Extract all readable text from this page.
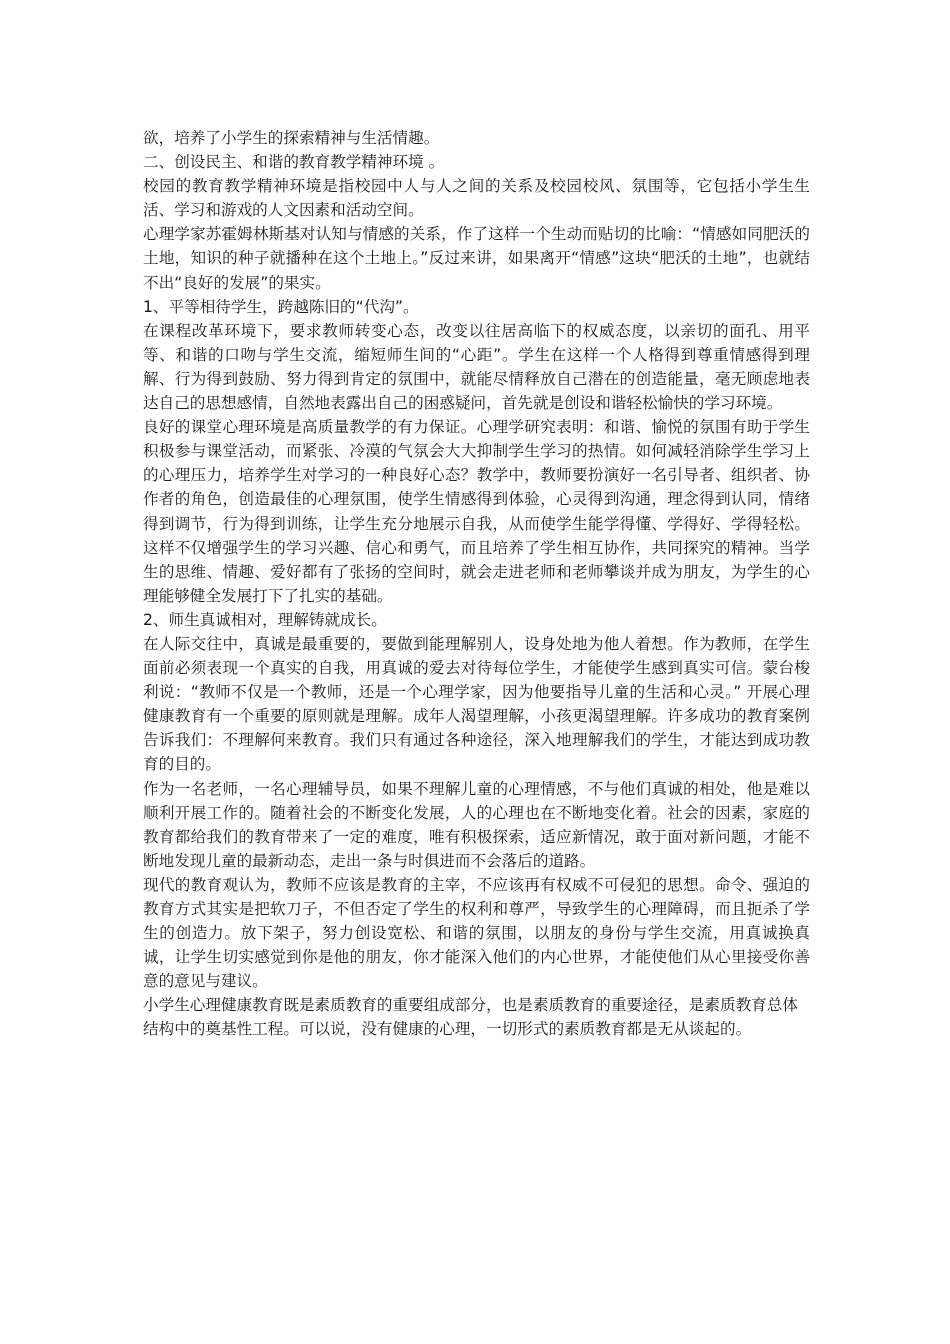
欲，培养了小学生的探索精神与生活情趣。

二、创设民主、和谐的教育教学精神环境 。

校园的教育教学精神环境是指校园中人与人之间的关系及校园校风、氛围等，它包括小学生生活、学习和游戏的人文因素和活动空间。

心理学家苏霍姆林斯基对认知与情感的关系，作了这样一个生动而贴切的比喻：“情感如同肥沃的土地，知识的种子就播种在这个土地上。”反过来讲，如果离开“情感”这块“肥沃的土地”，也就结不出“良好的发展”的果实。

1、平等相待学生，跨越陈旧的“代沟”。

在课程改革环境下，要求教师转变心态，改变以往居高临下的权威态度，以亲切的面孔、用平等、和谐的口吻与学生交流，缩短师生间的“心距”。学生在这样一个人格得到尊重情感得到理解、行为得到鼓励、努力得到肯定的氛围中，就能尽情释放自己潜在的创造能量，毫无顾虑地表达自己的思想感情，自然地表露出自己的困惑疑问，首先就是创设和谐轻松愉快的学习环境。

良好的课堂心理环境是高质量教学的有力保证。心理学研究表明：和谐、愉悦的氛围有助于学生积极参与课堂活动，而紧张、冷漠的气氛会大大抑制学生学习的热情。如何减轻消除学生学习上的心理压力，培养学生对学习的一种良好心态？教学中，教师要扮演好一名引导者、组织者、协作者的角色，创造最佳的心理氛围，使学生情感得到体验，心灵得到沟通，理念得到认同，情绪得到调节，行为得到训练，让学生充分地展示自我，从而使学生能学得懂、学得好、学得轻松。这样不仅增强学生的学习兴趣、信心和勇气，而且培养了学生相互协作，共同探究的精神。当学生的思维、情趣、爱好都有了张扬的空间时，就会走进老师和老师攀谈并成为朋友，为学生的心理能够健全发展打下了扎实的基础。

2、师生真诚相对，理解铸就成长。

在人际交往中，真诚是最重要的，要做到能理解别人，设身处地为他人着想。作为教师，在学生面前必须表现一个真实的自我，用真诚的爱去对待每位学生，才能使学生感到真实可信。蒙台梭利说：“教师不仅是一个教师，还是一个心理学家，因为他要指导儿童的生活和心灵。” 开展心理健康教育有一个重要的原则就是理解。成年人渴望理解，小孩更渴望理解。许多成功的教育案例告诉我们：不理解何来教育。我们只有通过各种途径，深入地理解我们的学生，才能达到成功教育的目的。

作为一名老师，一名心理辅导员，如果不理解儿童的心理情感，不与他们真诚的相处，他是难以顺利开展工作的。随着社会的不断变化发展，人的心理也在不断地变化着。社会的因素，家庭的教育都给我们的教育带来了一定的难度，唯有积极探索，适应新情况，敢于面对新问题，才能不断地发现儿童的最新动态，走出一条与时俱进而不会落后的道路。

现代的教育观认为，教师不应该是教育的主宰，不应该再有权威不可侵犯的思想。命令、强迫的教育方式其实是把软刀子，不但否定了学生的权利和尊严，导致学生的心理障碍，而且扼杀了学生的创造力。放下架子，努力创设宽松、和谐的氛围，以朋友的身份与学生交流，用真诚换真诚，让学生切实感觉到你是他的朋友，你才能深入他们的内心世界，才能使他们从心里接受你善意的意见与建议。

小学生心理健康教育既是素质教育的重要组成部分，也是素质教育的重要途径，是素质教育总体结构中的奠基性工程。可以说，没有健康的心理，一切形式的素质教育都是无从谈起的。
